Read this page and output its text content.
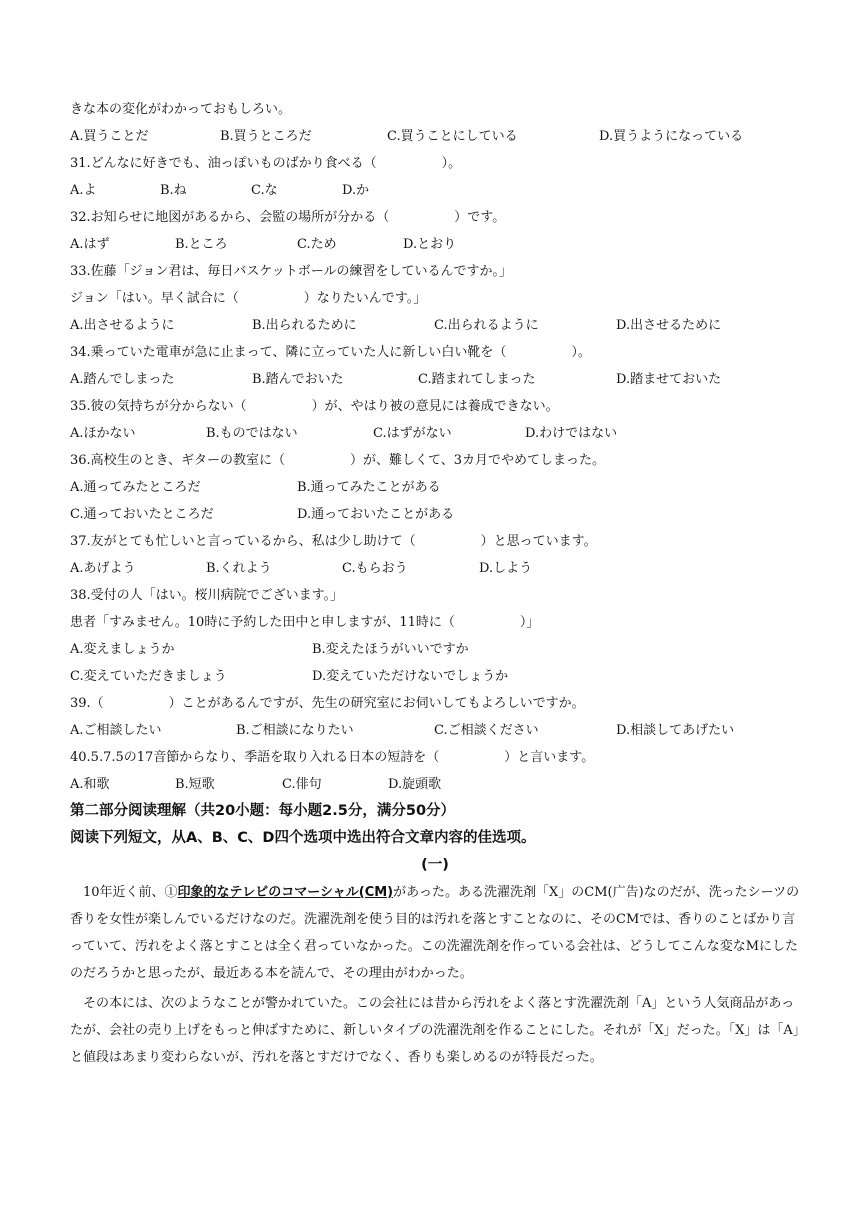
きな本の変化がわかっておもしろい。
A.買うことだ	B.買うところだ	C.買うことにしている	D.買うようになっている
31.どんなに好きでも、油っぽいものばかり食べる（　　　　　）。
A.よ	B.ね	C.な	D.か
32.お知らせに地図があるから、会監の場所が分かる（　　　　　）です。
A.はず	B.ところ	C.ため	D.とおり
33.佐藤「ジョン君は、毎日バスケットボールの練習をしているんですか。」
ジョン「はい。早く試合に（　　　　　）なりたいんです。」
A.出させるように	B.出られるために	C.出られるように	D.出させるために
34.乗っていた電車が急に止まって、隣に立っていた人に新しい白い靴を（　　　　　）。
A.踏んでしまった	B.踏んでおいた	C.踏まれてしまった	D.踏ませておいた
35.彼の気持ちが分からない（　　　　　）が、やはり被の意見には養成できない。
A.ほかない	B.ものではない	C.はずがない	D.わけではない
36.高校生のとき、ギターの教室に（　　　　　）が、難しくて、3カ月でやめてしまった。
A.通ってみたところだ	B.通ってみたことがある
C.通っておいたところだ	D.通っておいたことがある
37.友がとても忙しいと言っているから、私は少し助けて（　　　　　）と思っています。
A.あげよう	B.くれよう	C.もらおう	D.しよう
38.受付の人「はい。桜川病院でございます。」
患者「すみません。10時に予約した田中と申しますが、11時に（　　　　　）」
A.変えましょうか	B.変えたほうがいいですか
C.変えていただきましょう	D.変えていただけないでしょうか
39.（　　　　　）ことがあるんですが、先生の研究室にお伺いしてもよろしいですか。
A.ご相談したい	B.ご相談になりたい	C.ご相談ください	D.相談してあげたい
40.5.7.5の17音節からなり、季語を取り入れる日本の短詩を（　　　　　）と言います。
A.和歌	B.短歌	C.俳句	D.旋頭歌
第二部分阅读理解（共20小题：每小题2.5分，满分50分）
阅读下列短文，从A、B、C、D四个选项中选出符合文章内容的佳选项。
(一)

10年近く前、①印象的なテレビのコマーシャル(CM)があった。ある洗濯洗剤「X」のCM(广告)なのだが、洗ったシーツの香りを女性が楽しんでいるだけなのだ。洗濯洗剤を使う目的は汚れを落とすことなのに、そのCMでは、香りのことばかり言っていて、汚れをよく落とすことは全く君っていなかった。この洗濯洗剤を作っている会社は、どうしてこんな変なMにしたのだろうかと思ったが、最近ある本を読んで、その理由がわかった。

その本には、次のようなことが警かれていた。この会社には昔から汚れをよく落とす洗濯洗剤「A」という人気商品があったが、会社の売り上げをもっと伸ばすために、新しいタイプの洗濯洗剤を作ることにした。それが「X」だった。「X」は「A」と値段はあまり変わらないが、汚れを落とすだけでなく、香りも楽しめるのが特長だった。
